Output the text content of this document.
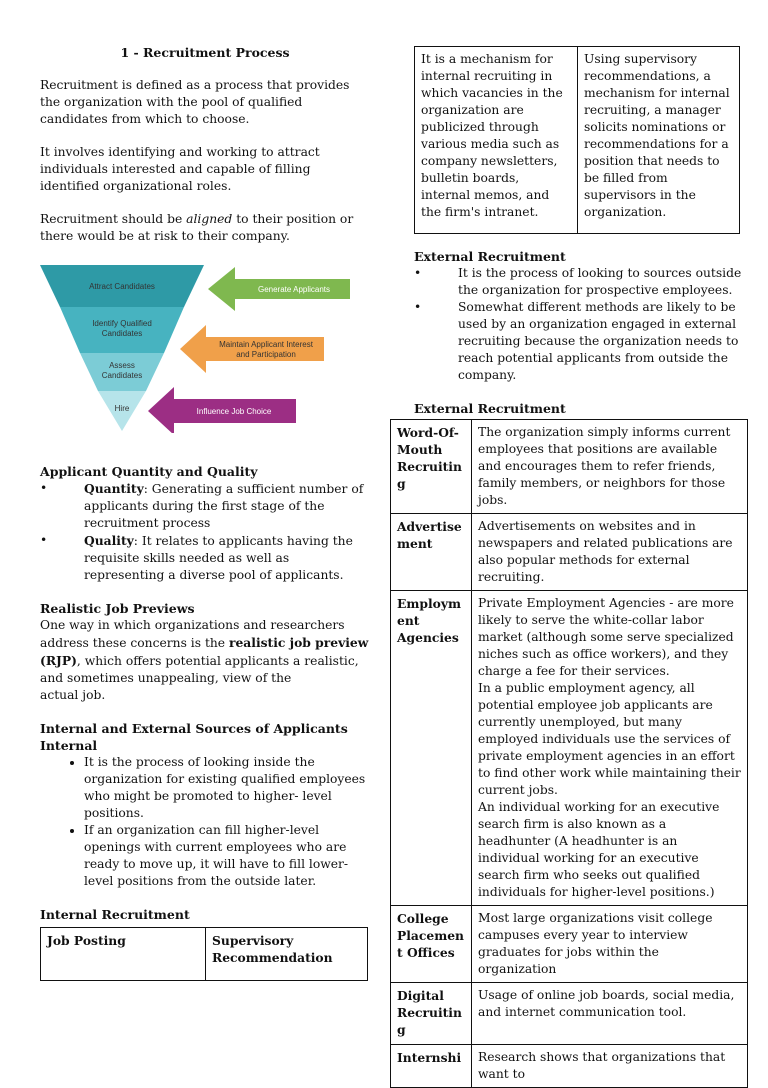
1 - Recruitment Process

Recruitment is defined as a process that provides the organization with the pool of qualified candidates from which to choose.

It involves identifying and working to attract individuals interested and capable of filling identified organizational roles.

Recruitment should be aligned to their position or there would be at risk to their company.

Attract Candidates
Identify Qualified
Candidates
Assess
Candidates
Hire
Generate Applicants
Maintain Applicant Interest
and Participation
Influence Job Choice
Applicant Quantity and Quality
•	Quantity: Generating a sufficient number of applicants during the first stage of the recruitment process
•	Quality: It relates to applicants having the requisite skills needed as well as representing a diverse pool of applicants.
Realistic Job Previews

One way in which organizations and researchers address these concerns is the realistic job preview (RJP), which offers potential applicants a realistic, and sometimes unappealing, view of the

actual job.

Internal and External Sources of Applicants
Internal
• It is the process of looking inside the organization for existing qualified employees who might be promoted to higher- level positions.
• If an organization can fill higher-level openings with current employees who are ready to move up, it will have to fill lower-level positions from the outside later.
Internal Recruitment
Job Posting	Supervisory Recommendation
It is a mechanism for internal recruiting in which vacancies in the organization are publicized through various media such as company newsletters, bulletin boards, internal memos, and the firm's intranet.	Using supervisory recommendations, a mechanism for internal recruiting, a manager solicits nominations or recommendations for a position that needs to be filled from supervisors in the organization.
External Recruitment
•	It is the process of looking to sources outside the organization for prospective employees.
•	Somewhat different methods are likely to be used by an organization engaged in external recruiting because the organization needs to reach potential applicants from outside the company.
External Recruitment
Word-Of-Mouth Recruitin g	The organization simply informs current employees that positions are available and encourages them to refer friends, family members, or neighbors for those jobs.
Advertise ment	Advertisements on websites and in newspapers and related publications are also popular methods for external recruiting.
Employm ent Agencies	Private Employment Agencies - are more likely to serve the white-collar labor market (although some serve specialized niches such as office workers), and they charge a fee for their services.
In a public employment agency, all potential employee job applicants are currently unemployed, but many employed individuals use the services of private employment agencies in an effort to find other work while maintaining their current jobs.
An individual working for an executive search firm is also known as a headhunter (A headhunter is an individual working for an executive search firm who seeks out qualified individuals for higher-level positions.)
College Placemen t Offices	Most large organizations visit college campuses every year to interview graduates for jobs within the organization
Digital Recruitin g	Usage of online job boards, social media, and internet communication tool.
Internshi	Research shows that organizations that want to
